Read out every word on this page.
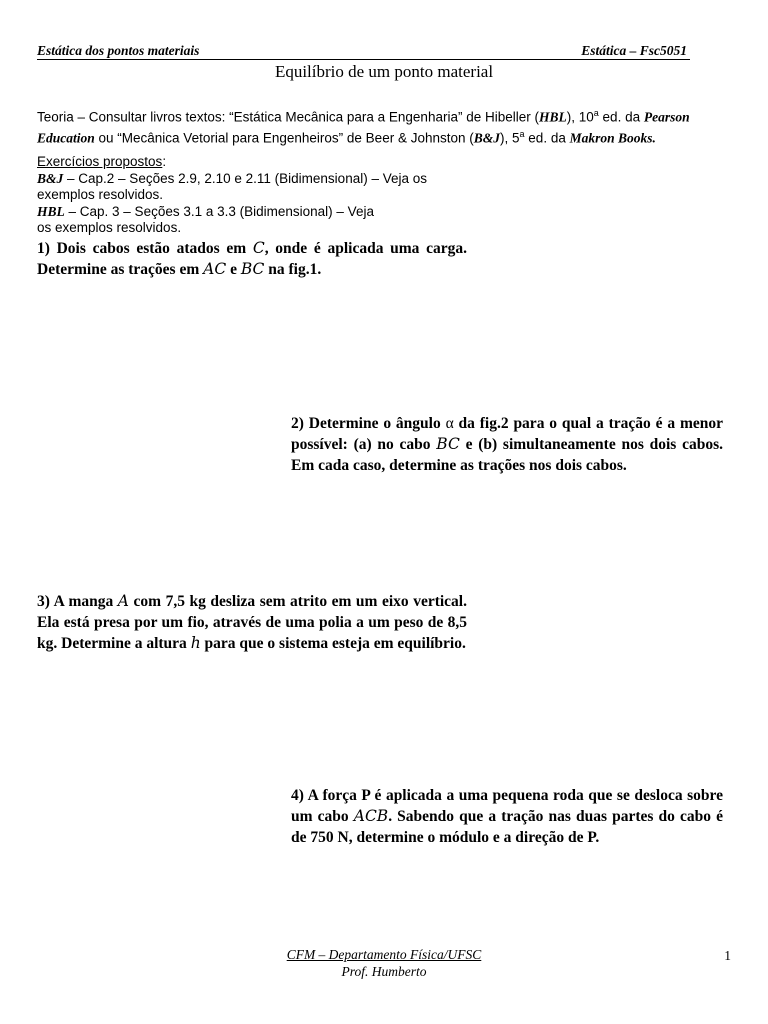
Estática dos pontos materiais	Estática – Fsc5051
Equilíbrio de um ponto material
Teoria – Consultar livros textos: “Estática Mecânica para a Engenharia” de Hibeller (HBL), 10$^a$ ed. da Pearson Education ou “Mecânica Vetorial para Engenheiros” de Beer & Johnston (B&J), 5$^a$ ed. da Makron Books.
Exercícios propostos:
B&J – Cap.2 – Seções 2.9, 2.10 e 2.11 (Bidimensional) – Veja os
exemplos resolvidos.
HBL – Cap. 3 – Seções 3.1 a 3.3 (Bidimensional) – Veja
os exemplos resolvidos.
1) Dois cabos estão atados em C, onde é aplicada uma carga. Determine as trações em AC e BC na fig.1.
2) Determine o ângulo α da fig.2 para o qual a tração é a menor possível: (a) no cabo BC e (b) simultaneamente nos dois cabos. Em cada caso, determine as trações nos dois cabos.
3) A manga A com 7,5 kg desliza sem atrito em um eixo vertical. Ela está presa por um fio, através de uma polia a um peso de 8,5 kg. Determine a altura h para que o sistema esteja em equilíbrio.
4) A força P é aplicada a uma pequena roda que se desloca sobre um cabo ACB. Sabendo que a tração nas duas partes do cabo é de 750 N, determine o módulo e a direção de P.
CFM – Departamento Física/UFSC
Prof. Humberto
1
